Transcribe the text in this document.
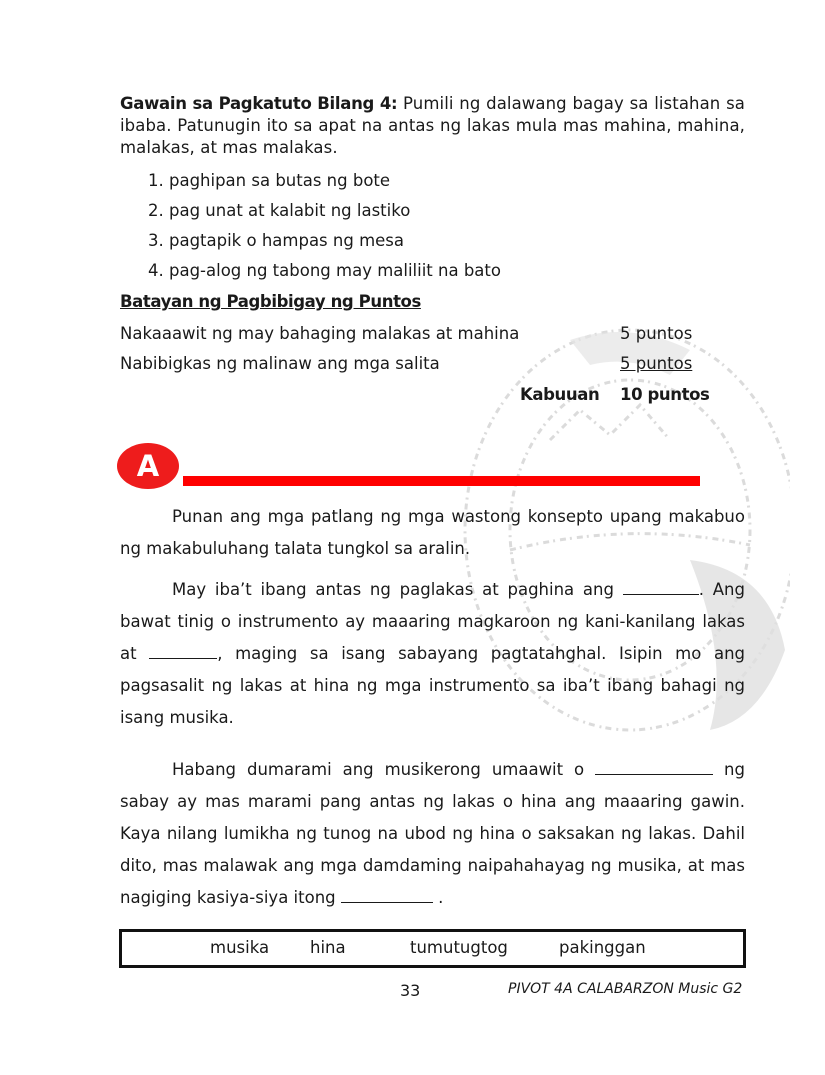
Gawain sa Pagkatuto Bilang 4: Pumili ng dalawang bagay sa listahan sa ibaba. Patunugin ito sa apat na antas ng lakas mula mas mahina, mahina, malakas, at mas malakas.
1. paghipan sa butas ng bote
2. pag unat at kalabit ng lastiko
3. pagtapik o hampas ng mesa
4. pag-alog ng tabong may maliliit na bato
Batayan ng Pagbibigay ng Puntos
Nakaaawit ng may bahaging malakas at mahina	5 puntos
Nabibigkas ng malinaw ang mga salita	5 puntos
Kabuuan 10 puntos
A
Punan ang mga patlang ng mga wastong konsepto upang makabuo ng makabuluhang talata tungkol sa aralin.
May iba’t ibang antas ng paglakas at paghina ang	. Ang bawat tinig o instrumento ay maaaring magkaroon ng kani-kanilang lakas at	, maging sa isang sabayang pagtatahghal. Isipin mo ang pagsasalit ng lakas at hina ng mga instrumento sa iba’t ibang bahagi ng isang musika.
Habang dumarami ang musikerong umaawit o	ng sabay ay mas marami pang antas ng lakas o hina ang maaaring gawin. Kaya nilang lumikha ng tunog na ubod ng hina o saksakan ng lakas. Dahil dito, mas malawak ang mga damdaming naipahahayag ng musika, at mas nagiging kasiya-siya itong	.
musika hina	tumutugtog	pakinggan
33	PIVOT 4A CALABARZON Music G2
